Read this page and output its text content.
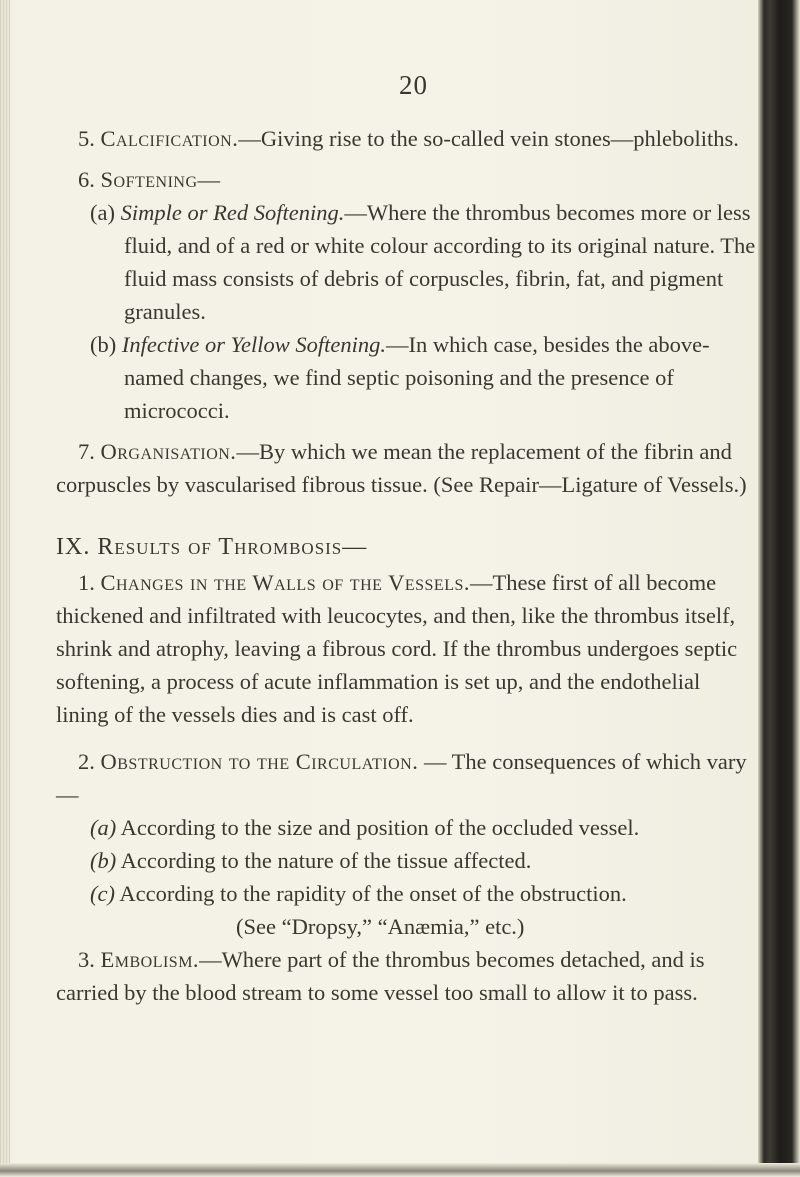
20

5. Calcification.—Giving rise to the so-called vein stones—phleboliths.

6. Softening—

(a) Simple or Red Softening.—Where the thrombus becomes more or less fluid, and of a red or white colour according to its original nature. The fluid mass consists of debris of corpuscles, fibrin, fat, and pigment granules.

(b) Infective or Yellow Softening.—In which case, besides the above-named changes, we find septic poisoning and the presence of micrococci.

7. Organisation.—By which we mean the replacement of the fibrin and corpuscles by vascularised fibrous tissue. (See Repair—Ligature of Vessels.)

IX. Results of Thrombosis—

1. Changes in the Walls of the Vessels.—These first of all become thickened and infiltrated with leucocytes, and then, like the thrombus itself, shrink and atrophy, leaving a fibrous cord. If the thrombus undergoes septic softening, a process of acute inflammation is set up, and the endothelial lining of the vessels dies and is cast off.

2. Obstruction to the Circulation. — The consequences of which vary—

(a) According to the size and position of the occluded vessel.

(b) According to the nature of the tissue affected.

(c) According to the rapidity of the onset of the obstruction.

(See “Dropsy,” “Anæmia,” etc.)

3. Embolism.—Where part of the thrombus becomes detached, and is carried by the blood stream to some vessel too small to allow it to pass.
